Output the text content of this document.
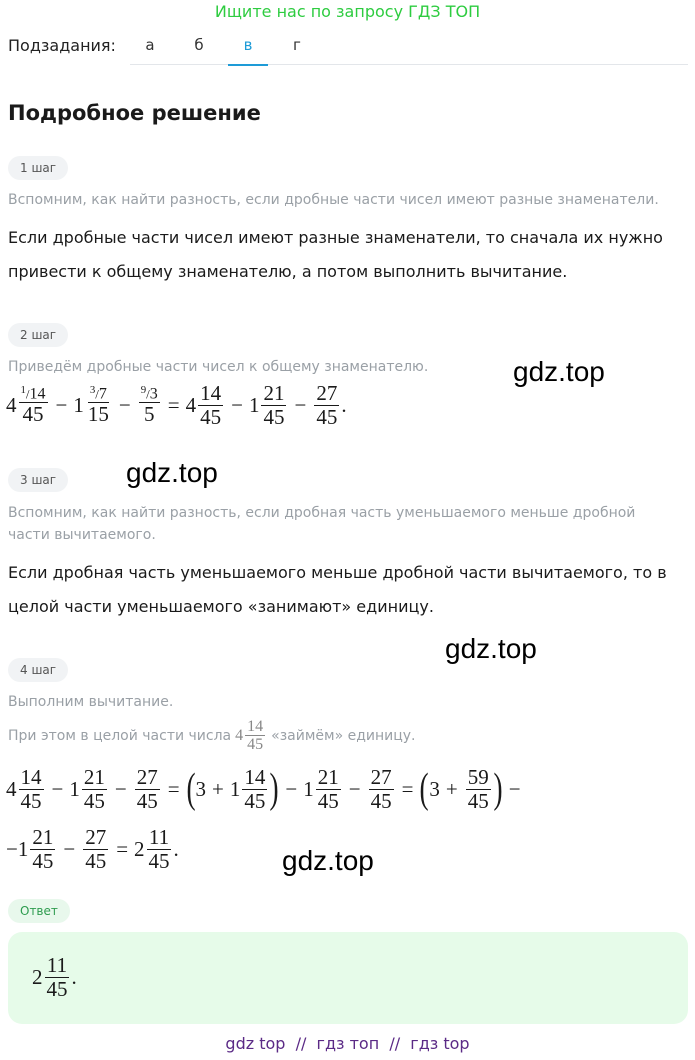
Ищите нас по запросу ГДЗ ТОП
Подзадания:	а	б	в	г
Подробное решение
1 шаг
Вспомним, как найти разность, если дробные части чисел имеют разные знаменатели.
Если дробные части чисел имеют разные знаменатели, то сначала их нужно
привести к общему знаменателю, а потом выполнить вычитание.
2 шаг
Приведём дробные части чисел к общему знаменателю.	gdz.top
$4 \frac{^1/14}{45} - 1 \frac{^3/7}{15} - \frac{^9/3}{5} = 4 \frac{14}{45} - 1 \frac{21}{45} - \frac{27}{45}$ .
3 шаг	gdz.top
Вспомним, как найти разность, если дробная часть уменьшаемого меньше дробной
части вычитаемого.
Если дробная часть уменьшаемого меньше дробной части вычитаемого, то в
целой части уменьшаемого «занимают» единицу.
gdz.top
4 шаг
Выполним вычитание.
При этом в целой части числа $4 \frac{14}{45}$ «займём» единицу.
$4 \frac{14}{45} - 1 \frac{21}{45} - \frac{27}{45}$ = ( $3 + 1 \frac{14}{45}$ ) − $1 \frac{21}{45} - \frac{27}{45}$ = ( $3 + \frac{59}{45}$ ) −
− $1 \frac{21}{45} - \frac{27}{45} = 2 \frac{11}{45}$ .	gdz.top
Ответ
$2 \frac{11}{45}$ .
gdz top  //  гдз топ  //  гдз top
